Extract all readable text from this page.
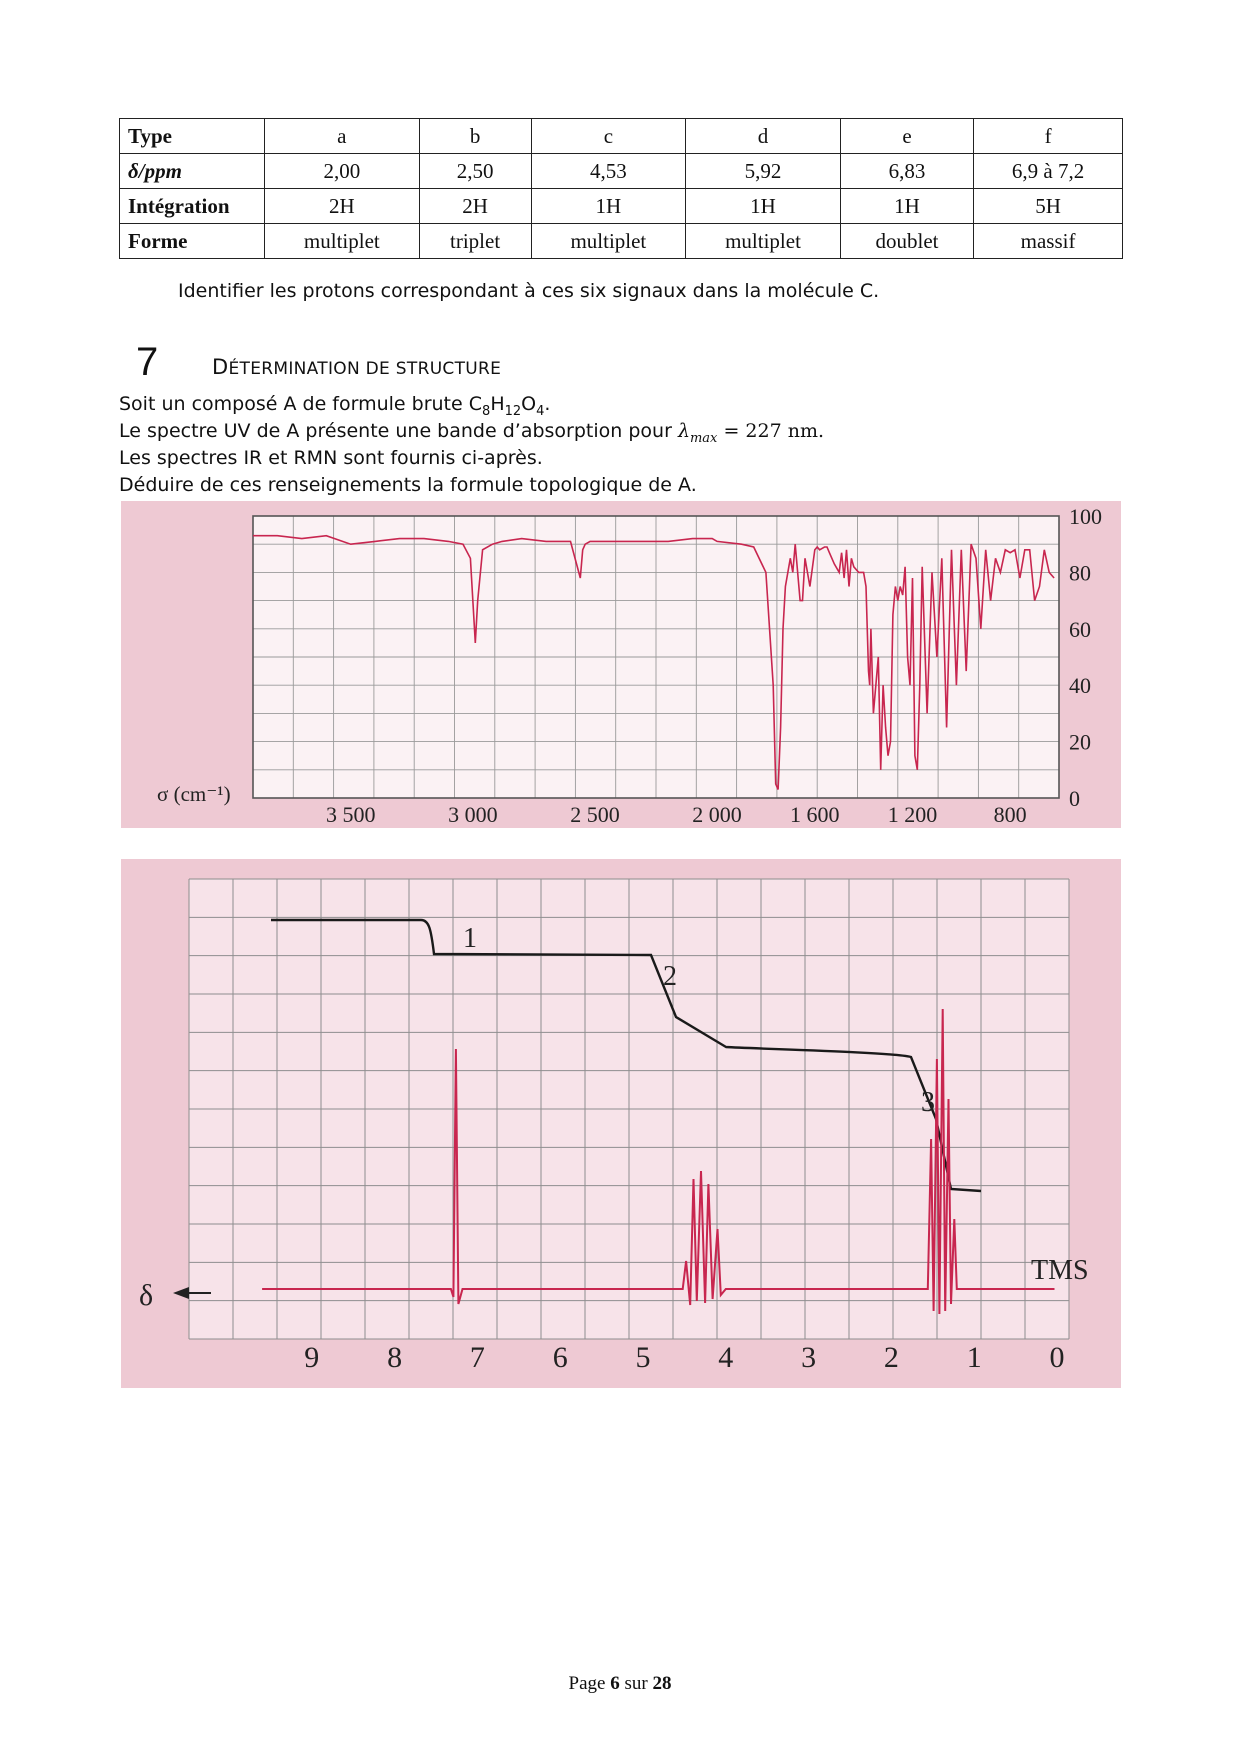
Type	a	b	c	d	e	f
δ/ppm	2,00	2,50	4,53	5,92	6,83	6,9 à 7,2
Intégration	2H	2H	1H	1H	1H	5H
Forme	multiplet	triplet	multiplet	multiplet	doublet	massif
Identifier les protons correspondant à ces six signaux dans la molécule C.
7	DÉTERMINATION DE STRUCTURE
Soit un composé A de formule brute $C_8H_{12}O_4$.
Le spectre UV de A présente une bande d’absorption pour $\lambda_{max} = 227$ nm.
Les spectres IR et RMN sont fournis ci-après.
Déduire de ces renseignements la formule topologique de A.
3 500	3 000	2 500	2 000 1 600 1 200	800
100
80
60
40
20
0
σ (cm⁻¹)
δ
TMS
1
2
3
9 8 7 6 5 4 3 2 1 0
Page 6 sur 28
